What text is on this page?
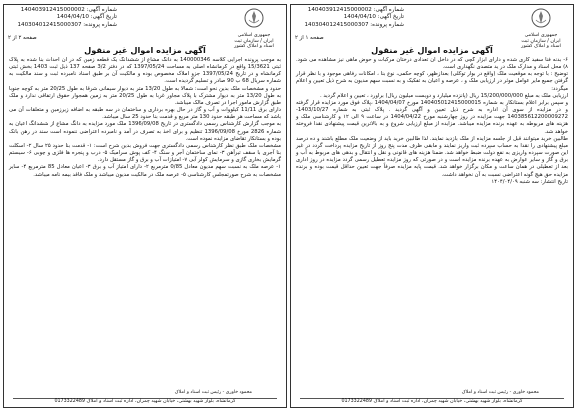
شماره آگهی: 140403912415000002
تاریخ آگهی: 1404/04/10
شماره پرونده: 140304012415000307
جمهوری اسلامی ایران / سازمان ثبت اسناد و املاک کشور
صفحه ۱ از ۲
آگهی مزایده اموال غیر منقول

۶- بدنه فنا سفید کاری شده و دارای ابزار گچی که در داخل آن تعدادی درختان مرکبات و حوض ماهی نیز مشاهده می شود. ۸) محل اسناد و مدارک ملک در ید متصدی نگهداری است.

توضیح : با توجه به موقعیت ملک (واقع در بوار توکلی) بعدازظهر، کوچه حکمی، نوع بنا ، امکانات رفاهی موجود و با نظر قرار گرفتن جمیع مایر عوامل موثر در ارزیابی ملک و ، عرصه و اعیان به تفکیک و به نسبت سهم مدیون به شرح ذیل تعیین و اعلام میگردد:

ارزیابی ملک به مبلغ 15/200/000/000 ریال (پانزده میلیارد و دویست میلیون ریال) براورد ، تعیین و اعلام گردید .

و سپس برابر اعلام بستانکار به شماره 140405012415000015 مورخ 1404/04/07 ،پلاک فوق مورد مزایده قرار گرفته و در مزایده از سوی آن اداره به شرح ذیل تعیین و آگهی گردید . پلاک ثبتی به شماره 1403/10/27-140385612200009272 جهت مزایده در روز چهارشنبه مورخ 1404/04/22 در ساعت ۹ الی ۱۲ و کارشناسی ملک و هزینه های مربوطه به عهده برنده مزایده میباشد. مزایده از مبلغ ارزیابی شروع و به بالاترین قیمت پیشنهادی نقدا فروخته خواهد شد.

طالبین خرید میتوانند قبل از جلسه مزایده از ملک بازدید نمایند. لذا طالبین خرید باید از وضعیت ملک مطلع باشند و ده درصد مبلغ پیشنهادی را نقدا به حساب سپرده ثبت واریز نمایند و مابقی ظرف مدت پنج روز از تاریخ مزایده پرداخت گردد در غیر این صورت سپرده واریزی به نفع دولت ضبط خواهد شد. ضمنا هزینه های قانونی و نقل و انتقال و بدهی های مربوط به آب و برق و گاز و سایر عوارض به عهده برنده مزایده است و در صورتی که روز مزایده تعطیل رسمی گردد مزایده در روز اداری بعد از تعطیلی در همان ساعت و مکان برگزار خواهد شد. قیمت پایه مزایده صرفاً جهت تعیین حداقل قیمت بوده و برنده مزایده حق هیچ گونه اعتراضی نسبت به آن نخواهد داشت.

تاریخ انتشار: سه شنبه ۱۴۰۴/۰۴/۰۹

محمود خاوری - رئیس ثبت اسناد و املاک
کرمانشاه، بلوار شهید بهشتی، خیابان شهید چمران، اداره ثبت اسناد و املاک 0173322489
شماره آگهی: 140403912415000002
تاریخ آگهی: 1404/04/10
شماره پرونده: 140304012415000307
جمهوری اسلامی ایران / سازمان ثبت اسناد و املاک کشور
صفحه ۲ از ۲
آگهی مزایده اموال غیر منقول

به موجب پرونده اجرایی کلاسه 140000346 به دانگ مشاع از ششدانگ یک قطعه زمین که در آن احداث بنا شده به پلاک ثبتی 15/3621 واقع در کرمانشاه اصلی به مساحت 1397/05/24 که در دفتر 3/2 صفحه 137 ذیل ثبت 1403 بخش ثبتی کرمانشاه و در تاریخ 1397/05/24 جزو املاک مخصوص بوده و مالکیت آن بر طبق اسناد نامبرده ثبت و سند مالکیت به شماره سریال 68 ب 90 صادر و تسلیم گردیده است.

حدود و مشخصات ملک بدین نحو است: شمالا به طول 13/20 متر به دیوار سیمانی شرقا به طول 20/25 متر به کوچه جنوبا به طول 13/20 متر به دیوار مشترک با پلاک مجاور غربا به طول 20/25 متر به زمین همجوار حقوق ارتفاقی ندارد و ملک طبق گزارش مامور اجرا در تصرف مالک میباشد.

دارای برق 11/11 کیلووات و آب و گاز در حال بهره برداری و ساختمان در سه طبقه به اضافه زیرزمین و متعلقات آن می باشد که مساحت هر طبقه حدود 130 متر مربع و قدمت بنا حدود 25 سال میباشد.

به موجب گزارش کارشناس رسمی دادگستری در تاریخ 1396/09/08 ملک مورد مزایده به دانگ مشاع از ششدانگ اعیان به شماره 2826 مورخ 1396/09/08 تنظیم و برای اخذ به تصرف در آمد و نامبرده اعتراضی ننموده است سند در رهن بانک بوده و بستانکار تقاضای مزایده نموده است.

مشخصات ملک طبق نظر کارشناس رسمی دادگستری جهت فروش بدین شرح است: ۱- قدمت بنا حدود ۲۵ سال ۲- اسکلت بنا آجری با سقف تیرآهن ۳- نمای ساختمان آجر و سنگ ۴- کف پوش سرامیک ۵- درب و پنجره ها فلزی و چوبی ۶- سیستم گرمایش بخاری گازی و سرمایش کولر آبی ۷- امتیازات آب و برق و گاز مستقل دارد.

۱- عرصه ملک به نسبت سهم مدیون معادل 0/85 مترمربع ۲- دارای امتیاز آب و برق ۳- اعیان معادل 85 مترمربع ۴- سایر مشخصات به شرح صورتمجلس کارشناسی ۵- عرصه ملک در مالکیت مدیون میباشد و ملک فاقد بیمه نامه میباشد.

محمود خاوری - رئیس ثبت اسناد و املاک
کرمانشاه، بلوار شهید بهشتی، خیابان شهید چمران، اداره ثبت اسناد و املاک 0173322489
